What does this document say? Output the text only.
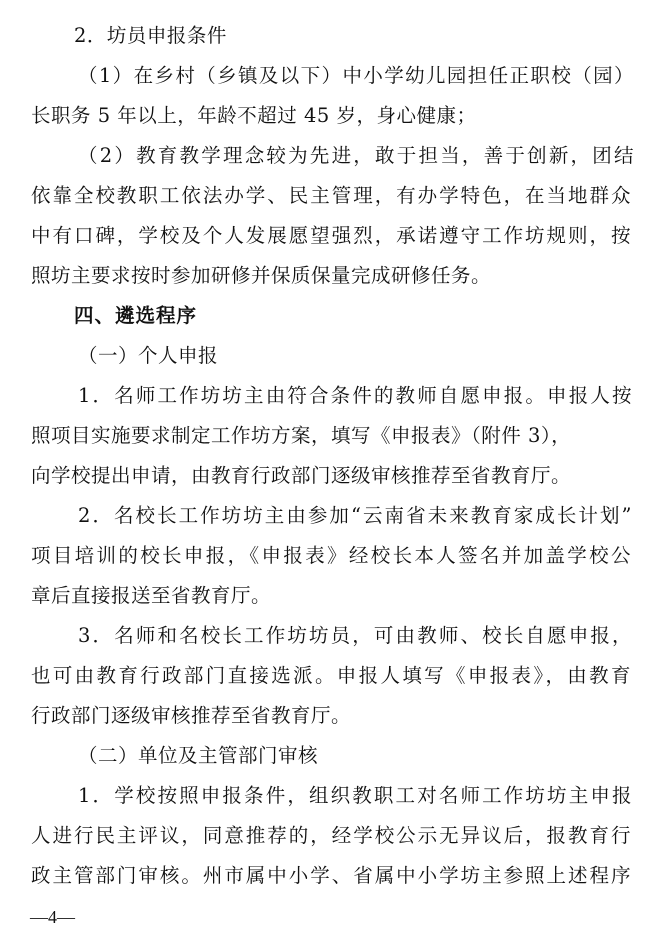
2．坊员申报条件
（1）在乡村（乡镇及以下）中小学幼儿园担任正职校（园）
长职务 5 年以上，年龄不超过 45 岁，身心健康；
（2）教育教学理念较为先进，敢于担当，善于创新，团结
依靠全校教职工依法办学、民主管理，有办学特色，在当地群众
中有口碑，学校及个人发展愿望强烈，承诺遵守工作坊规则，按
照坊主要求按时参加研修并保质保量完成研修任务。
四、遴选程序
（一）个人申报
1．名师工作坊坊主由符合条件的教师自愿申报。申报人按
照项目实施要求制定工作坊方案，填写《申报表》（附件 3），
向学校提出申请，由教育行政部门逐级审核推荐至省教育厅。
2．名校长工作坊坊主由参加“云南省未来教育家成长计划”
项目培训的校长申报，《申报表》经校长本人签名并加盖学校公
章后直接报送至省教育厅。
3．名师和名校长工作坊坊员，可由教师、校长自愿申报，
也可由教育行政部门直接选派。申报人填写《申报表》，由教育
行政部门逐级审核推荐至省教育厅。
（二）单位及主管部门审核
1．学校按照申报条件，组织教职工对名师工作坊坊主申报
人进行民主评议，同意推荐的，经学校公示无异议后，报教育行
政主管部门审核。州市属中小学、省属中小学坊主参照上述程序
—4—
